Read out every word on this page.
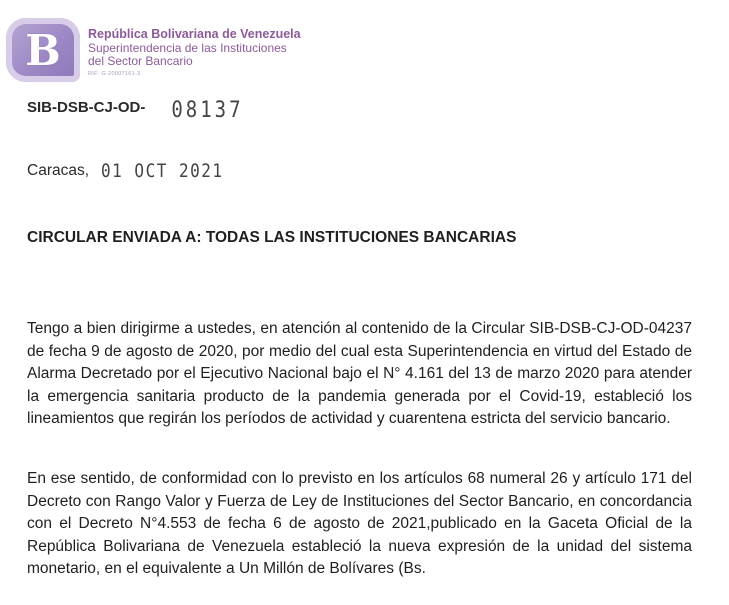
B República Bolivariana de Venezuela
Superintendencia de las Instituciones
del Sector Bancario
RIF: G-20007161-3
SIB-DSB-CJ-OD- 08137
Caracas, 01 OCT 2021
CIRCULAR ENVIADA A: TODAS LAS INSTITUCIONES BANCARIAS
Tengo a bien dirigirme a ustedes, en atención al contenido de la Circular SIB-DSB-CJ-OD-04237 de fecha 9 de agosto de 2020, por medio del cual esta Superintendencia en virtud del Estado de Alarma Decretado por el Ejecutivo Nacional bajo el N° 4.161 del 13 de marzo 2020 para atender la emergencia sanitaria producto de la pandemia generada por el Covid-19, estableció los lineamientos que regirán los períodos de actividad y cuarentena estricta del servicio bancario.
En ese sentido, de conformidad con lo previsto en los artículos 68 numeral 26 y artículo 171 del Decreto con Rango Valor y Fuerza de Ley de Instituciones del Sector Bancario, en concordancia con el Decreto N°4.553 de fecha 6 de agosto de 2021,publicado en la Gaceta Oficial de la República Bolivariana de Venezuela estableció la nueva expresión de la unidad del sistema monetario, en el equivalente a Un Millón de Bolívares (Bs.
